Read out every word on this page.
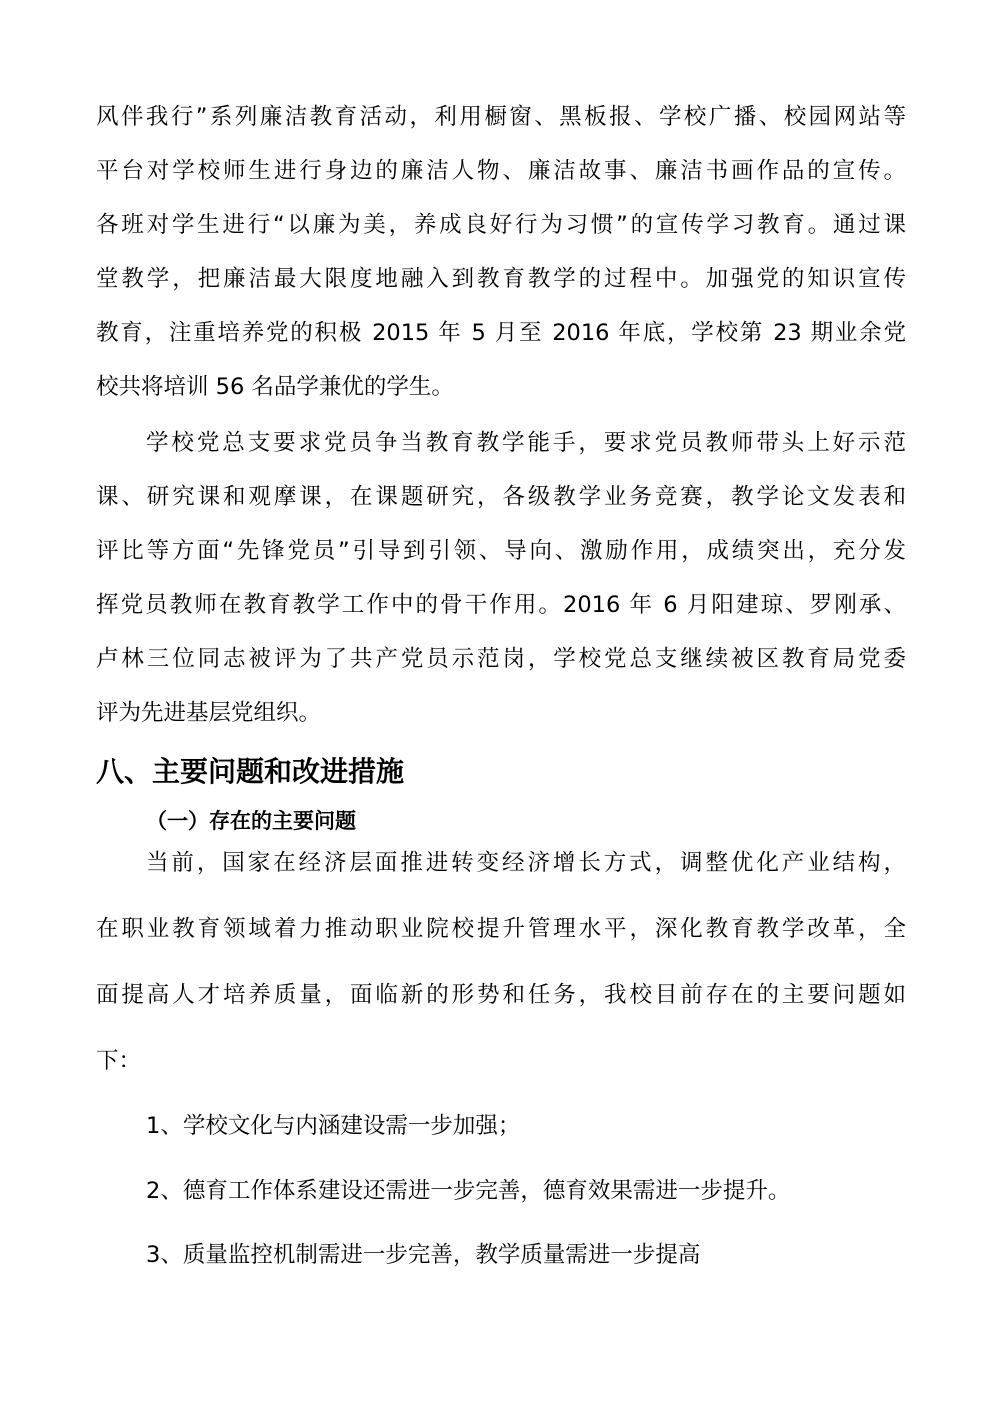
风伴我行”系列廉洁教育活动，利用橱窗、黑板报、学校广播、校园网站等
平台对学校师生进行身边的廉洁人物、廉洁故事、廉洁书画作品的宣传。
各班对学生进行“以廉为美，养成良好行为习惯”的宣传学习教育。通过课
堂教学，把廉洁最大限度地融入到教育教学的过程中。加强党的知识宣传
教育，注重培养党的积极 2015 年 5 月至 2016 年底，学校第 23 期业余党
校共将培训 56 名品学兼优的学生。
学校党总支要求党员争当教育教学能手，要求党员教师带头上好示范
课、研究课和观摩课，在课题研究，各级教学业务竞赛，教学论文发表和
评比等方面“先锋党员”引导到引领、导向、激励作用，成绩突出，充分发
挥党员教师在教育教学工作中的骨干作用。2016 年 6 月阳建琼、罗刚承、
卢林三位同志被评为了共产党员示范岗，学校党总支继续被区教育局党委
评为先进基层党组织。
八、主要问题和改进措施
（一）存在的主要问题
当前，国家在经济层面推进转变经济增长方式，调整优化产业结构，
在职业教育领域着力推动职业院校提升管理水平，深化教育教学改革，全
面提高人才培养质量，面临新的形势和任务，我校目前存在的主要问题如
下：
1、学校文化与内涵建设需一步加强；
2、德育工作体系建设还需进一步完善，德育效果需进一步提升。
3、质量监控机制需进一步完善，教学质量需进一步提高
